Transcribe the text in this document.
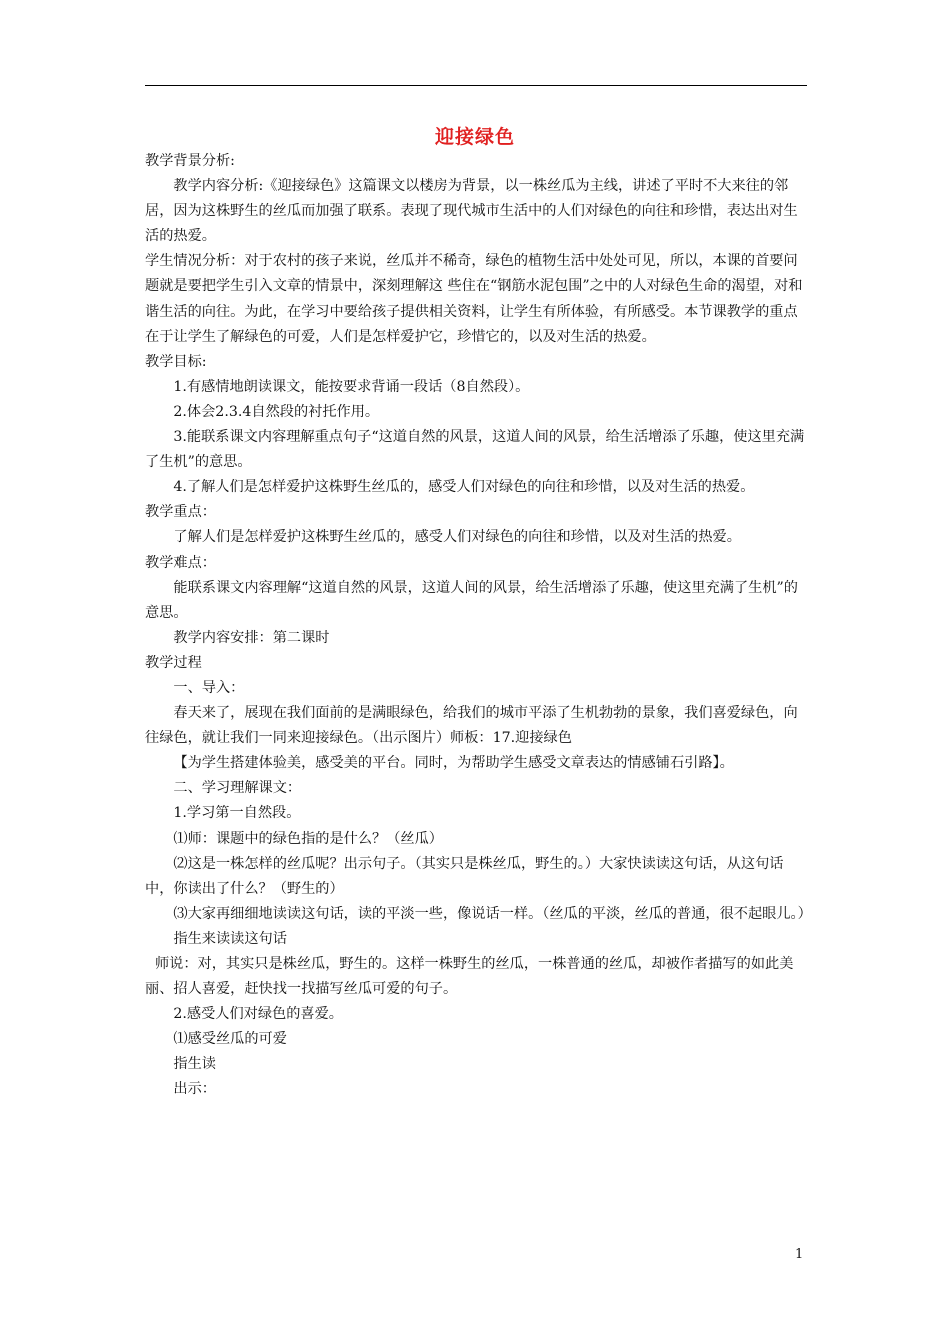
迎接绿色

教学背景分析:

教学内容分析:《迎接绿色》这篇课文以楼房为背景，以一株丝瓜为主线，讲述了平时不大来往的邻居，因为这株野生的丝瓜而加强了联系。表现了现代城市生活中的人们对绿色的向往和珍惜，表达出对生活的热爱。

学生情况分析：对于农村的孩子来说，丝瓜并不稀奇，绿色的植物生活中处处可见，所以，本课的首要问题就是要把学生引入文章的情景中，深刻理解这 些住在“钢筋水泥包围”之中的人对绿色生命的渴望，对和谐生活的向往。为此，在学习中要给孩子提供相关资料，让学生有所体验，有所感受。本节课教学的重点 在于让学生了解绿色的可爱，人们是怎样爱护它，珍惜它的，以及对生活的热爱。

教学目标:

1.有感情地朗读课文，能按要求背诵一段话（8自然段）。

2.体会2.3.4自然段的衬托作用。

3.能联系课文内容理解重点句子“这道自然的风景，这道人间的风景，给生活增添了乐趣，使这里充满了生机”的意思。

4.了解人们是怎样爱护这株野生丝瓜的，感受人们对绿色的向往和珍惜，以及对生活的热爱。

教学重点：

了解人们是怎样爱护这株野生丝瓜的，感受人们对绿色的向往和珍惜，以及对生活的热爱。

教学难点：

能联系课文内容理解“这道自然的风景，这道人间的风景，给生活增添了乐趣，使这里充满了生机”的意思。

教学内容安排：第二课时

教学过程

一、导入：

春天来了，展现在我们面前的是满眼绿色，给我们的城市平添了生机勃勃的景象，我们喜爱绿色，向往绿色，就让我们一同来迎接绿色。（出示图片）师板：17.迎接绿色

【为学生搭建体验美，感受美的平台。同时，为帮助学生感受文章表达的情感铺石引路】。

二、学习理解课文：

1.学习第一自然段。

⑴师：课题中的绿色指的是什么？（丝瓜）

⑵这是一株怎样的丝瓜呢？出示句子。（其实只是株丝瓜，野生的。）大家快读读这句话，从这句话中，你读出了什么？（野生的）

⑶大家再细细地读读这句话，读的平淡一些，像说话一样。（丝瓜的平淡，丝瓜的普通，很不起眼儿。）

指生来读读这句话

师说：对，其实只是株丝瓜，野生的。这样一株野生的丝瓜，一株普通的丝瓜，却被作者描写的如此美丽、招人喜爱，赶快找一找描写丝瓜可爱的句子。

2.感受人们对绿色的喜爱。

⑴感受丝瓜的可爱

指生读

出示：

1
